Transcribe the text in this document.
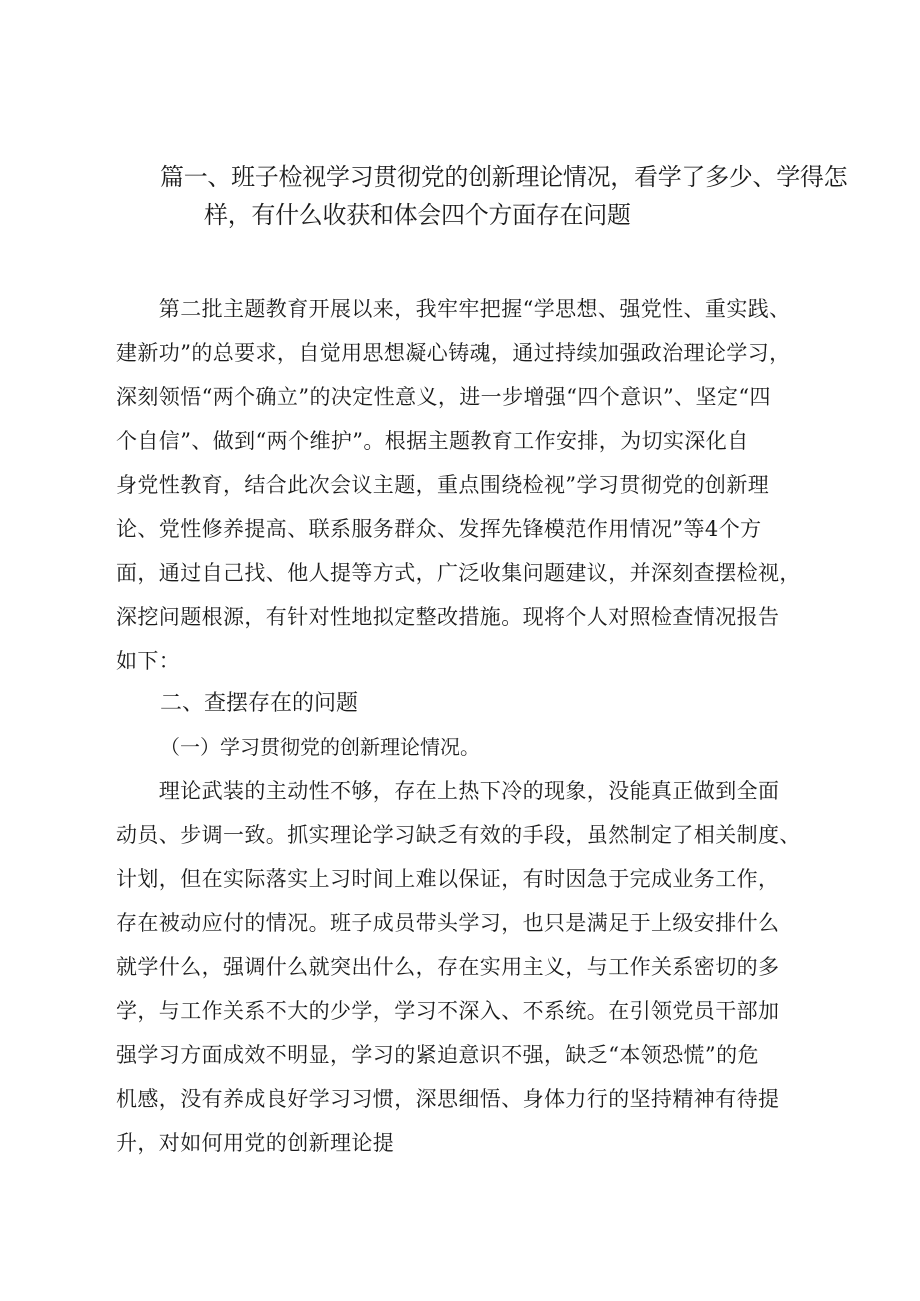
篇一、班子检视学习贯彻党的创新理论情况，看学了多少、学得怎
样，有什么收获和体会四个方面存在问题
　　第二批主题教育开展以来，我牢牢把握“学思想、强党性、重实践、
建新功”的总要求，自觉用思想凝心铸魂，通过持续加强政治理论学习，
深刻领悟“两个确立”的决定性意义，进一步增强“四个意识”、坚定“四
个自信”、做到“两个维护”。根据主题教育工作安排，为切实深化自
身党性教育，结合此次会议主题，重点围绕检视”学习贯彻党的创新理
论、党性修养提高、联系服务群众、发挥先锋模范作用情况”等4个方
面，通过自己找、他人提等方式，广泛收集问题建议，并深刻查摆检视，
深挖问题根源，有针对性地拟定整改措施。现将个人对照检查情况报告
如下：
二、查摆存在的问题
（一）学习贯彻党的创新理论情况。
　　理论武装的主动性不够，存在上热下冷的现象，没能真正做到全面
动员、步调一致。抓实理论学习缺乏有效的手段，虽然制定了相关制度、
计划，但在实际落实上习时间上难以保证，有时因急于完成业务工作，
存在被动应付的情况。班子成员带头学习，也只是满足于上级安排什么
就学什么，强调什么就突出什么，存在实用主义，与工作关系密切的多
学，与工作关系不大的少学，学习不深入、不系统。在引领党员干部加
强学习方面成效不明显，学习的紧迫意识不强，缺乏“本领恐慌”的危
机感，没有养成良好学习习惯，深思细悟、身体力行的坚持精神有待提
升，对如何用党的创新理论提
